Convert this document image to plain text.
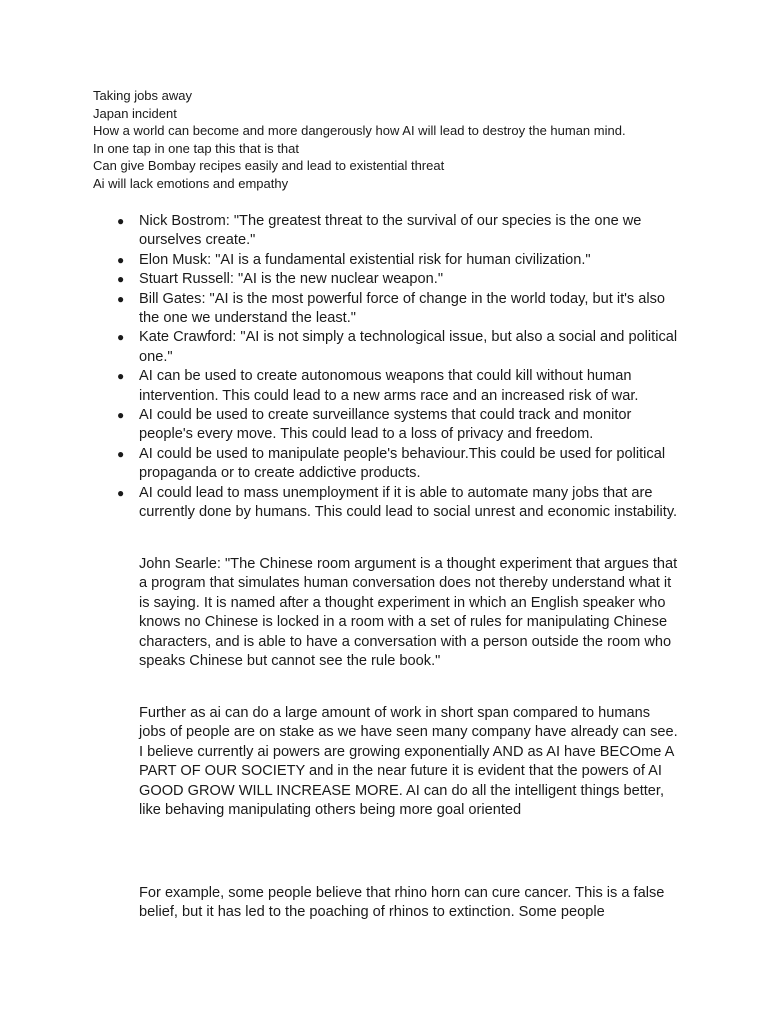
Taking jobs away
Japan incident
How a world can become and more dangerously how AI will lead to destroy the human mind.
In one tap in one tap this that is that
Can give Bombay recipes easily and lead to existential threat
Ai will lack emotions and empathy
● Nick Bostrom: "The greatest threat to the survival of our species is the one we ourselves create."
● Elon Musk: "AI is a fundamental existential risk for human civilization."
● Stuart Russell: "AI is the new nuclear weapon."
● Bill Gates: "AI is the most powerful force of change in the world today, but it's also the one we understand the least."
● Kate Crawford: "AI is not simply a technological issue, but also a social and political one."
● AI can be used to create autonomous weapons that could kill without human intervention. This could lead to a new arms race and an increased risk of war.
● AI could be used to create surveillance systems that could track and monitor people's every move. This could lead to a loss of privacy and freedom.
● AI could be used to manipulate people's behaviour.This could be used for political propaganda or to create addictive products.
● AI could lead to mass unemployment if it is able to automate many jobs that are currently done by humans. This could lead to social unrest and economic instability.

John Searle: "The Chinese room argument is a thought experiment that argues that a program that simulates human conversation does not thereby understand what it is saying. It is named after a thought experiment in which an English speaker who knows no Chinese is locked in a room with a set of rules for manipulating Chinese characters, and is able to have a conversation with a person outside the room who speaks Chinese but cannot see the rule book."

Further as ai can do a large amount of work in short span compared to humans jobs of people are on stake as we have seen many company have already can see. I believe currently ai powers are growing exponentially AND as AI have BECOme A PART OF OUR SOCIETY and in the near future it is evident that the powers of AI GOOD GROW WILL INCREASE MORE. AI can do all the intelligent things better, like behaving manipulating others being more goal oriented

For example, some people believe that rhino horn can cure cancer. This is a false belief, but it has led to the poaching of rhinos to extinction. Some people
